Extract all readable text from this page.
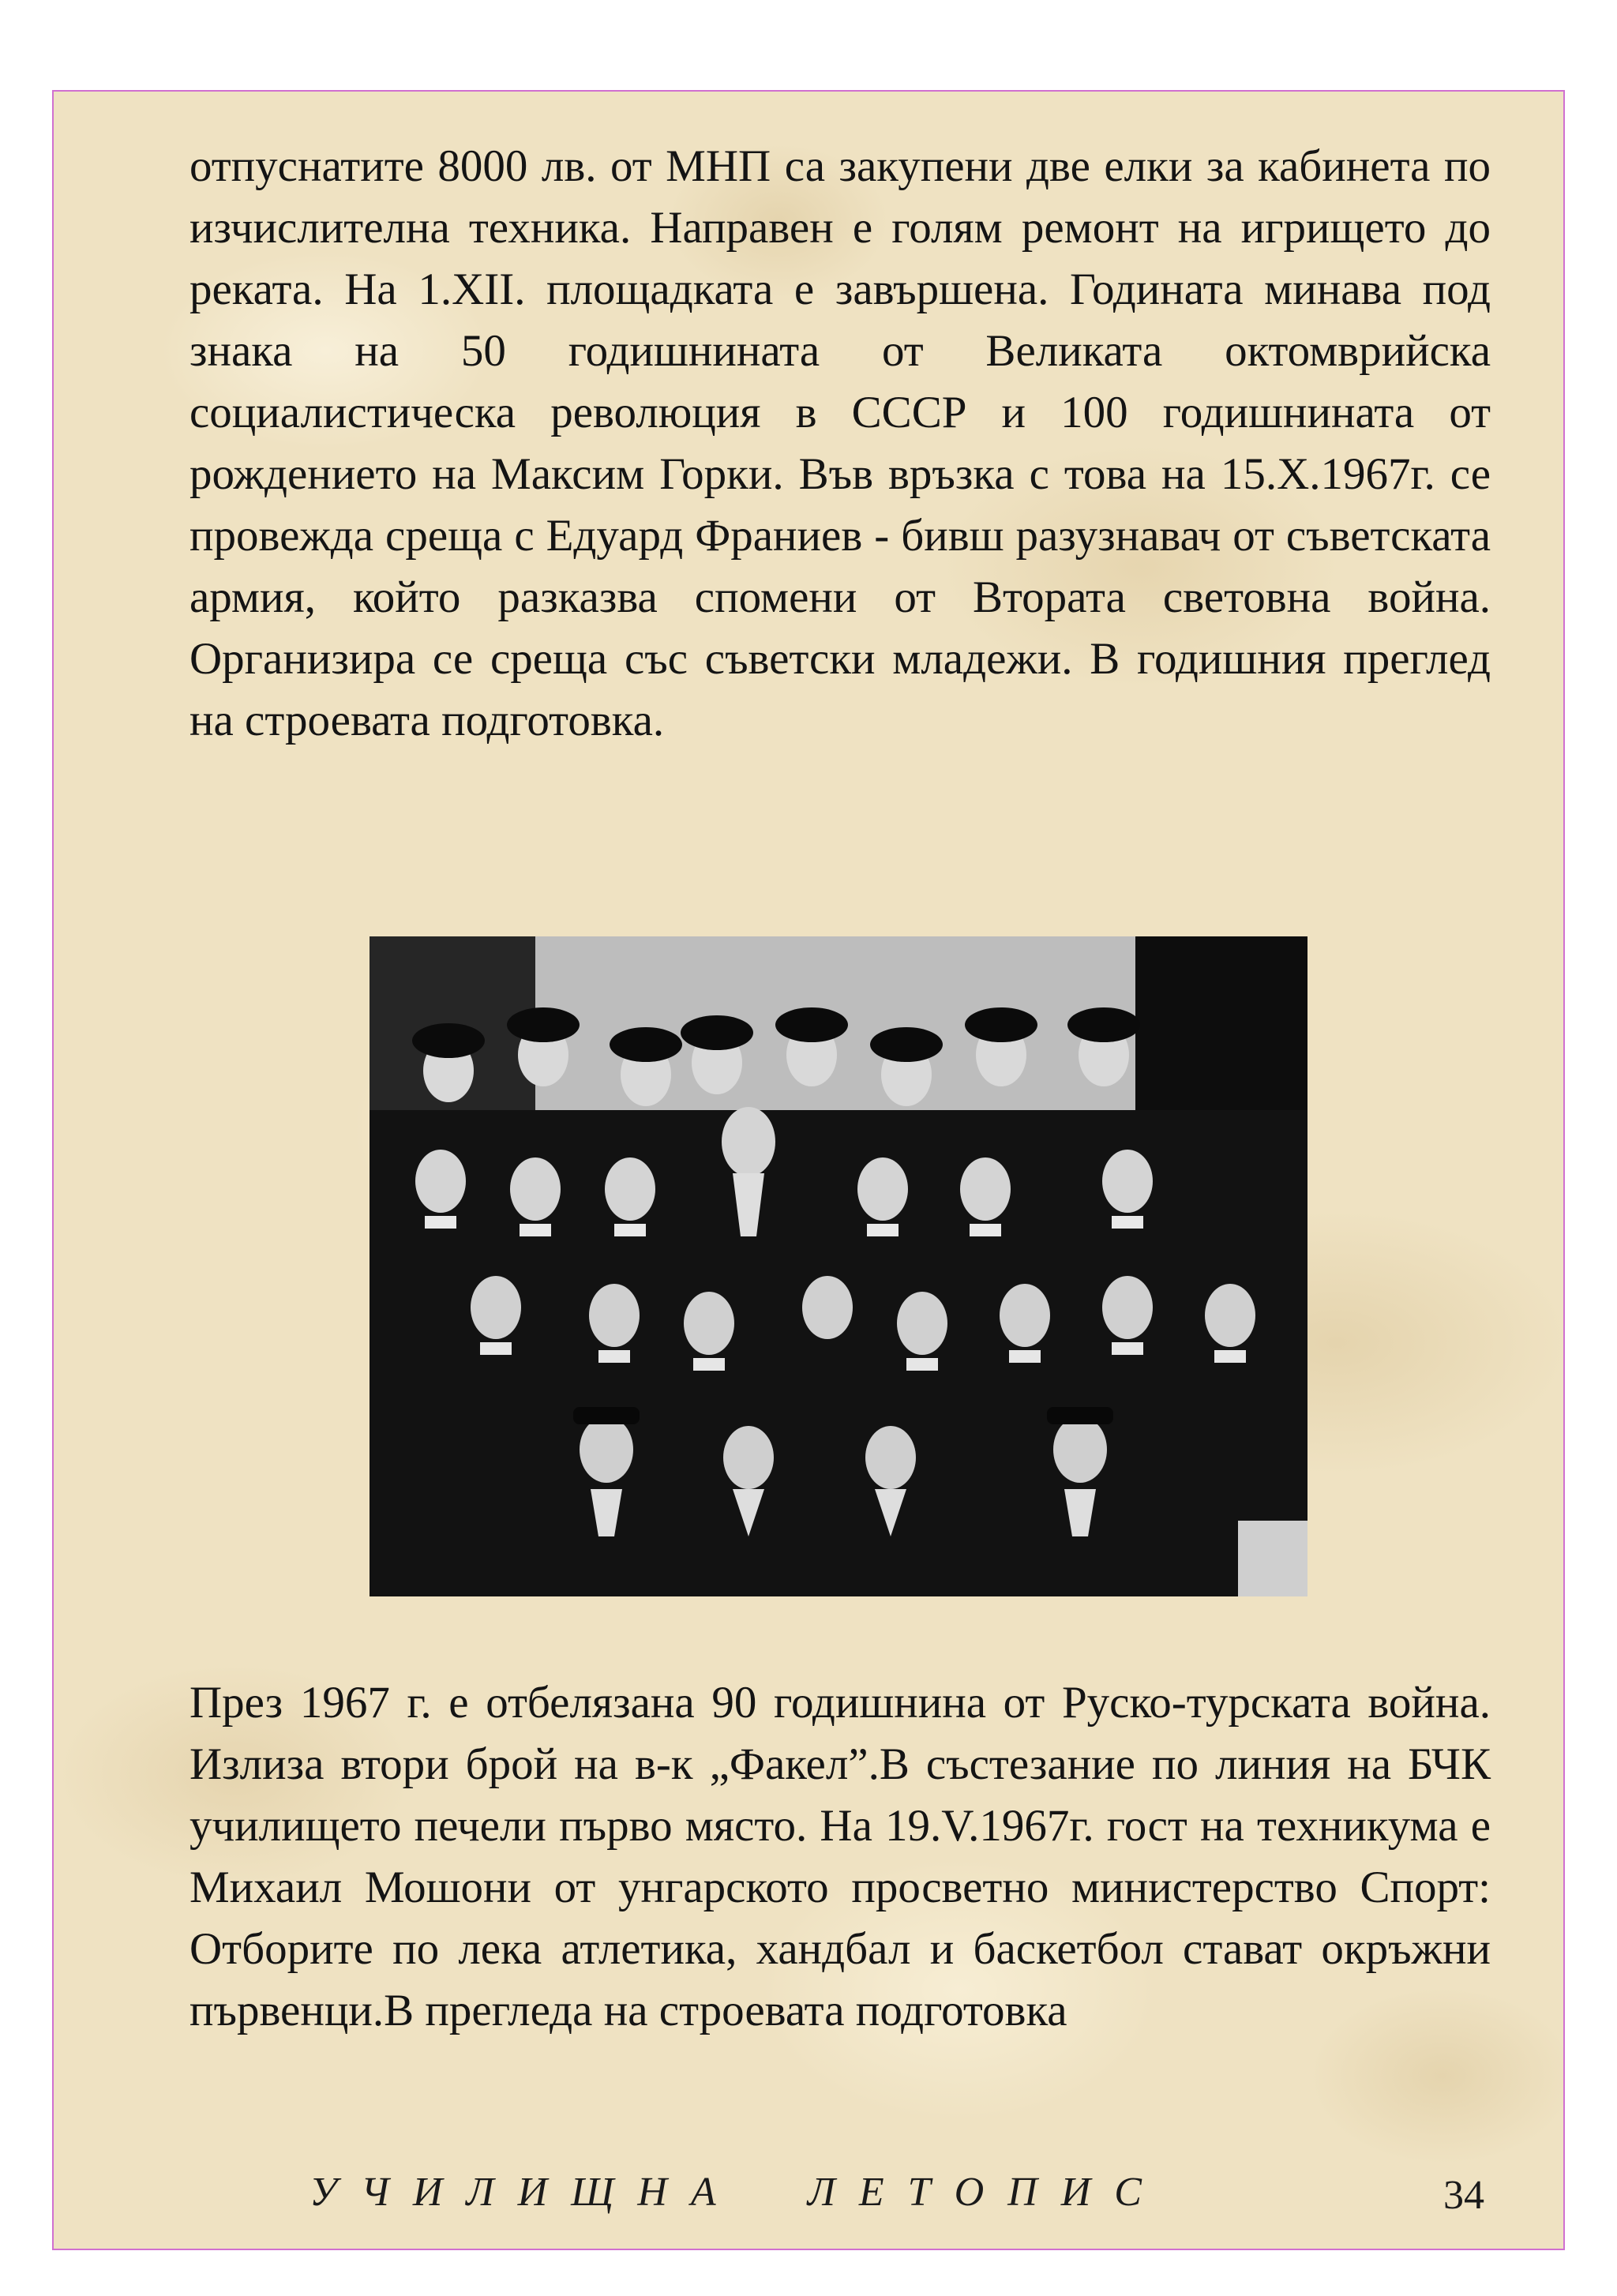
отпуснатите 8000 лв. от МНП са закупени две елки за кабинета по изчислителна техника. Направен е голям ремонт на игрището до реката. На 1.XII. площадката е завършена. Годината минава под знака на 50 годишнината от Великата октомврийска социалистическа революция в СССР и 100 годишнината от рождението на Максим Горки. Във връзка с това на 15.X.1967г. се провежда среща с Едуард Франиев - бивш разузнавач от съветската армия, който разказва спомени от Втората световна война. Организира се среща със съветски младежи. В годишния преглед на строевата подготовка.

През 1967 г. е отбелязана 90 годишнина от Руско-турската война. Излиза втори брой на в-к „Факел”.В състезание по линия на БЧК училището печели първо място. На 19.V.1967г. гост на техникума е Михаил Мошони от унгарското просветно министерство Спорт: Отборите по лека атлетика, хандбал и баскетбол стават окръжни първенци.В прегледа на строевата подготовка

УЧИЛИЩНА  ЛЕТОПИС	34
